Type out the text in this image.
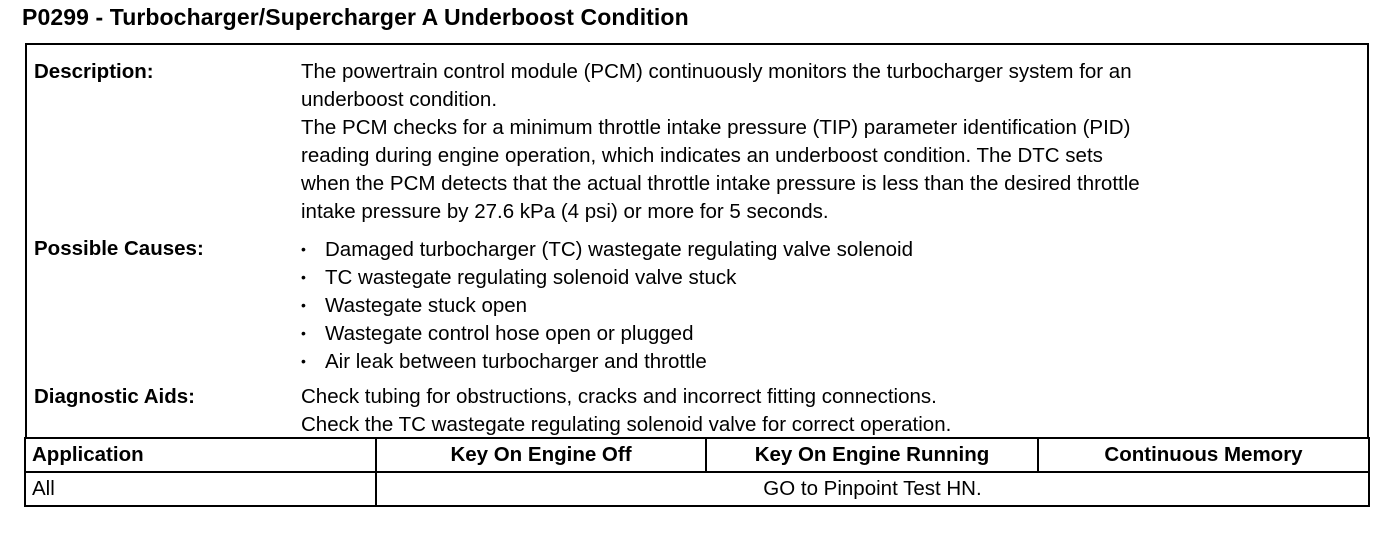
P0299 - Turbocharger/Supercharger A Underboost Condition
Description:	The powertrain control module (PCM) continuously monitors the turbocharger system for an
underboost condition.
The PCM checks for a minimum throttle intake pressure (TIP) parameter identification (PID)
reading during engine operation, which indicates an underboost condition. The DTC sets
when the PCM detects that the actual throttle intake pressure is less than the desired throttle
intake pressure by 27.6 kPa (4 psi) or more for 5 seconds.
Possible Causes:	• Damaged turbocharger (TC) wastegate regulating valve solenoid
• TC wastegate regulating solenoid valve stuck
• Wastegate stuck open
• Wastegate control hose open or plugged
• Air leak between turbocharger and throttle
Diagnostic Aids:	Check tubing for obstructions, cracks and incorrect fitting connections.
Check the TC wastegate regulating solenoid valve for correct operation.
Application	Key On Engine Off	Key On Engine Running	Continuous Memory
All	GO to Pinpoint Test HN.		
